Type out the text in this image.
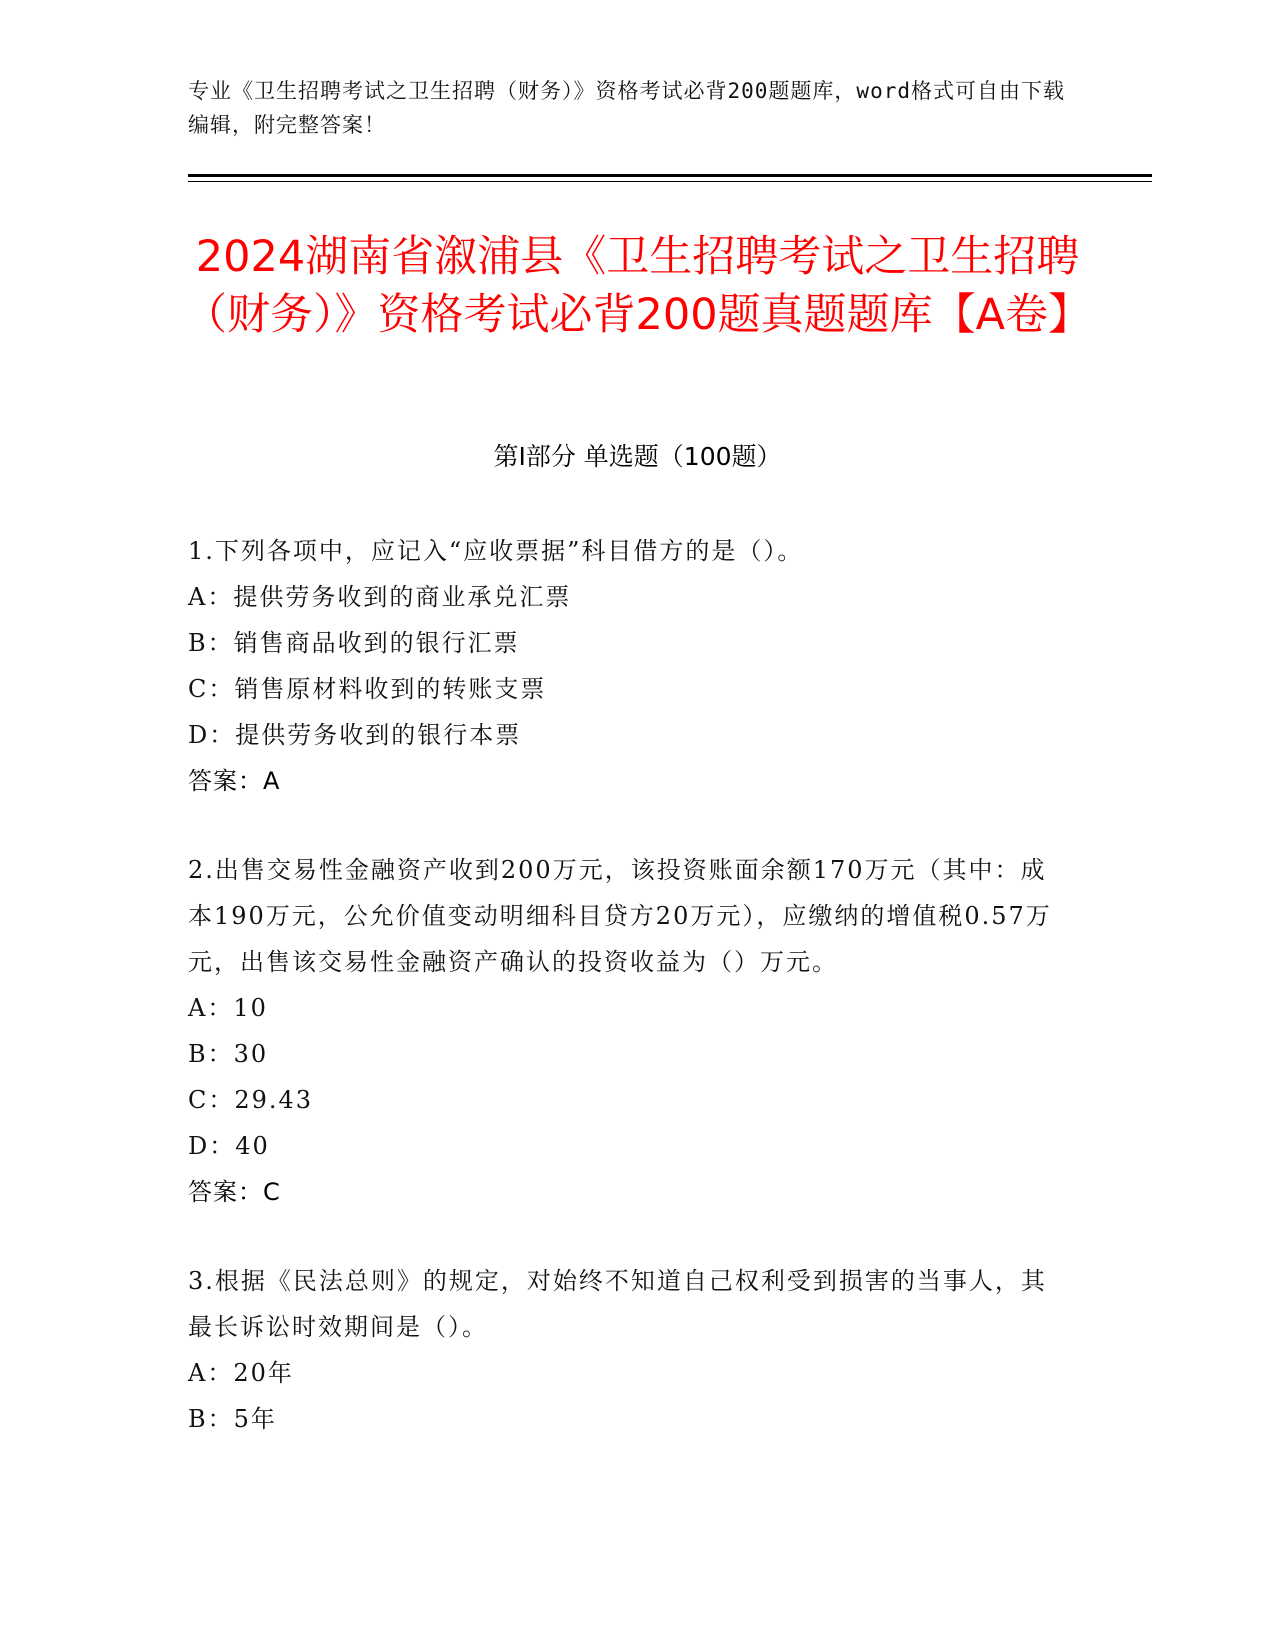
专业《卫生招聘考试之卫生招聘（财务）》资格考试必背200题题库，word格式可自由下载编辑，附完整答案！
2024湖南省溆浦县《卫生招聘考试之卫生招聘（财务）》资格考试必背200题真题题库【A卷】
第I部分 单选题（100题）
1.下列各项中，应记入“应收票据”科目借方的是（）。
A：提供劳务收到的商业承兑汇票
B：销售商品收到的银行汇票
C：销售原材料收到的转账支票
D：提供劳务收到的银行本票
答案：A
2.出售交易性金融资产收到200万元，该投资账面余额170万元（其中：成本190万元，公允价值变动明细科目贷方20万元），应缴纳的增值税0.57万元，出售该交易性金融资产确认的投资收益为（）万元。
A：10
B：30
C：29.43
D：40
答案：C
3.根据《民法总则》的规定，对始终不知道自己权利受到损害的当事人，其最长诉讼时效期间是（）。
A：20年
B：5年
